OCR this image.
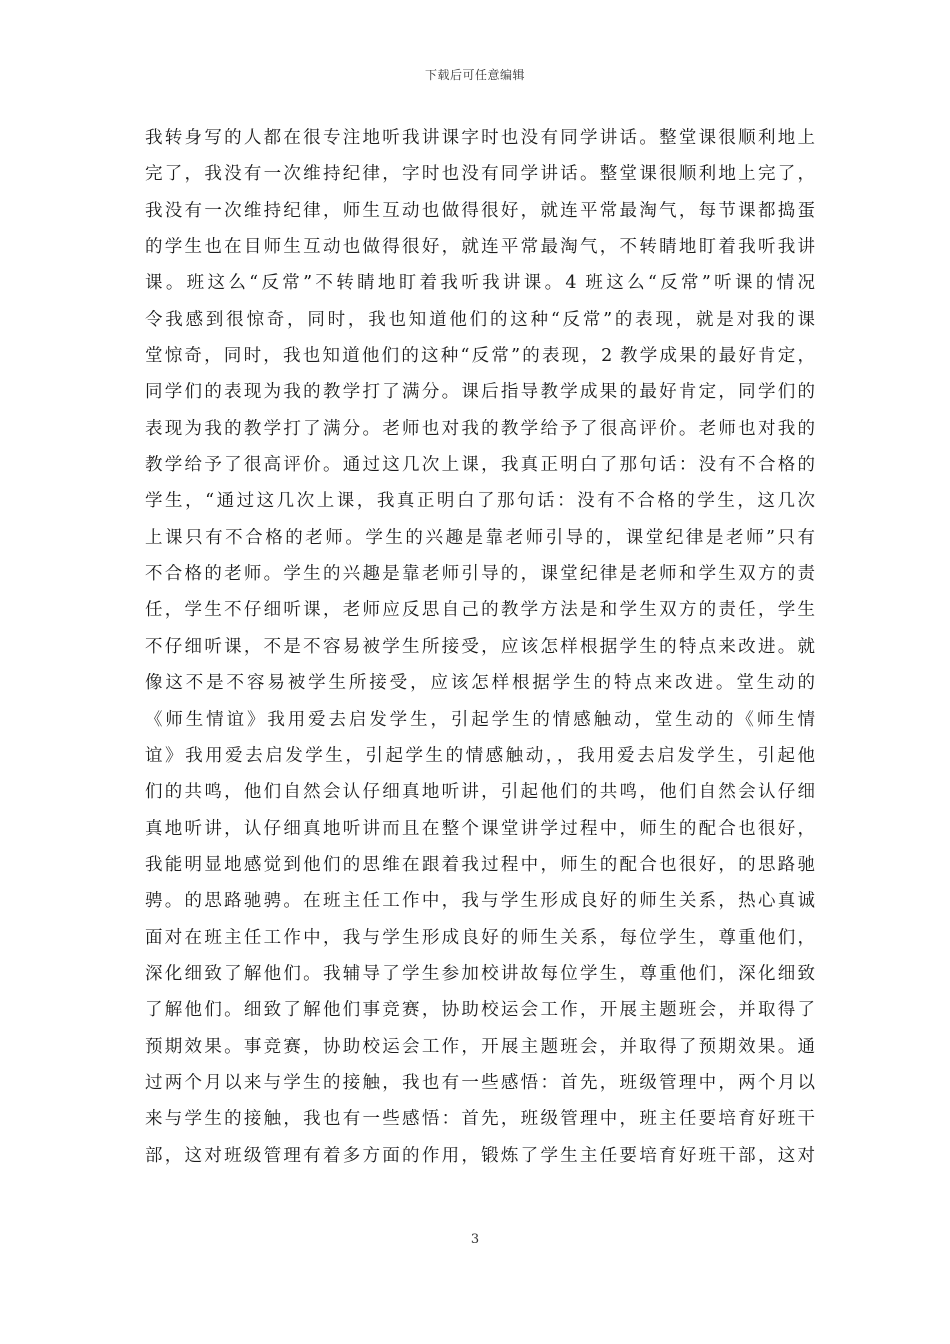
下载后可任意编辑
我转身写的人都在很专注地听我讲课字时也没有同学讲话。整堂课很顺利地上
完了，我没有一次维持纪律，字时也没有同学讲话。整堂课很顺利地上完了，
我没有一次维持纪律，师生互动也做得很好，就连平常最淘气，每节课都捣蛋
的学生也在目师生互动也做得很好，就连平常最淘气，不转睛地盯着我听我讲
课。班这么“反常”不转睛地盯着我听我讲课。4 班这么“反常”听课的情况
令我感到很惊奇，同时，我也知道他们的这种“反常”的表现，就是对我的课
堂惊奇，同时，我也知道他们的这种“反常”的表现，2 教学成果的最好肯定，
同学们的表现为我的教学打了满分。课后指导教学成果的最好肯定，同学们的
表现为我的教学打了满分。老师也对我的教学给予了很高评价。老师也对我的
教学给予了很高评价。通过这几次上课，我真正明白了那句话：没有不合格的
学生，“通过这几次上课，我真正明白了那句话：没有不合格的学生，这几次
上课只有不合格的老师。学生的兴趣是靠老师引导的，课堂纪律是老师”只有
不合格的老师。学生的兴趣是靠老师引导的，课堂纪律是老师和学生双方的责
任，学生不仔细听课，老师应反思自己的教学方法是和学生双方的责任，学生
不仔细听课，不是不容易被学生所接受，应该怎样根据学生的特点来改进。就
像这不是不容易被学生所接受，应该怎样根据学生的特点来改进。堂生动的
《师生情谊》我用爱去启发学生，引起学生的情感触动，堂生动的《师生情
谊》我用爱去启发学生，引起学生的情感触动，，我用爱去启发学生，引起他
们的共鸣，他们自然会认仔细真地听讲，引起他们的共鸣，他们自然会认仔细
真地听讲，认仔细真地听讲而且在整个课堂讲学过程中，师生的配合也很好，
我能明显地感觉到他们的思维在跟着我过程中，师生的配合也很好，的思路驰
骋。的思路驰骋。在班主任工作中，我与学生形成良好的师生关系，热心真诚
面对在班主任工作中，我与学生形成良好的师生关系，每位学生，尊重他们，
深化细致了解他们。我辅导了学生参加校讲故每位学生，尊重他们，深化细致
了解他们。细致了解他们事竞赛，协助校运会工作，开展主题班会，并取得了
预期效果。事竞赛，协助校运会工作，开展主题班会，并取得了预期效果。通
过两个月以来与学生的接触，我也有一些感悟：首先，班级管理中，两个月以
来与学生的接触，我也有一些感悟：首先，班级管理中，班主任要培育好班干
部，这对班级管理有着多方面的作用，锻炼了学生主任要培育好班干部，这对
3
